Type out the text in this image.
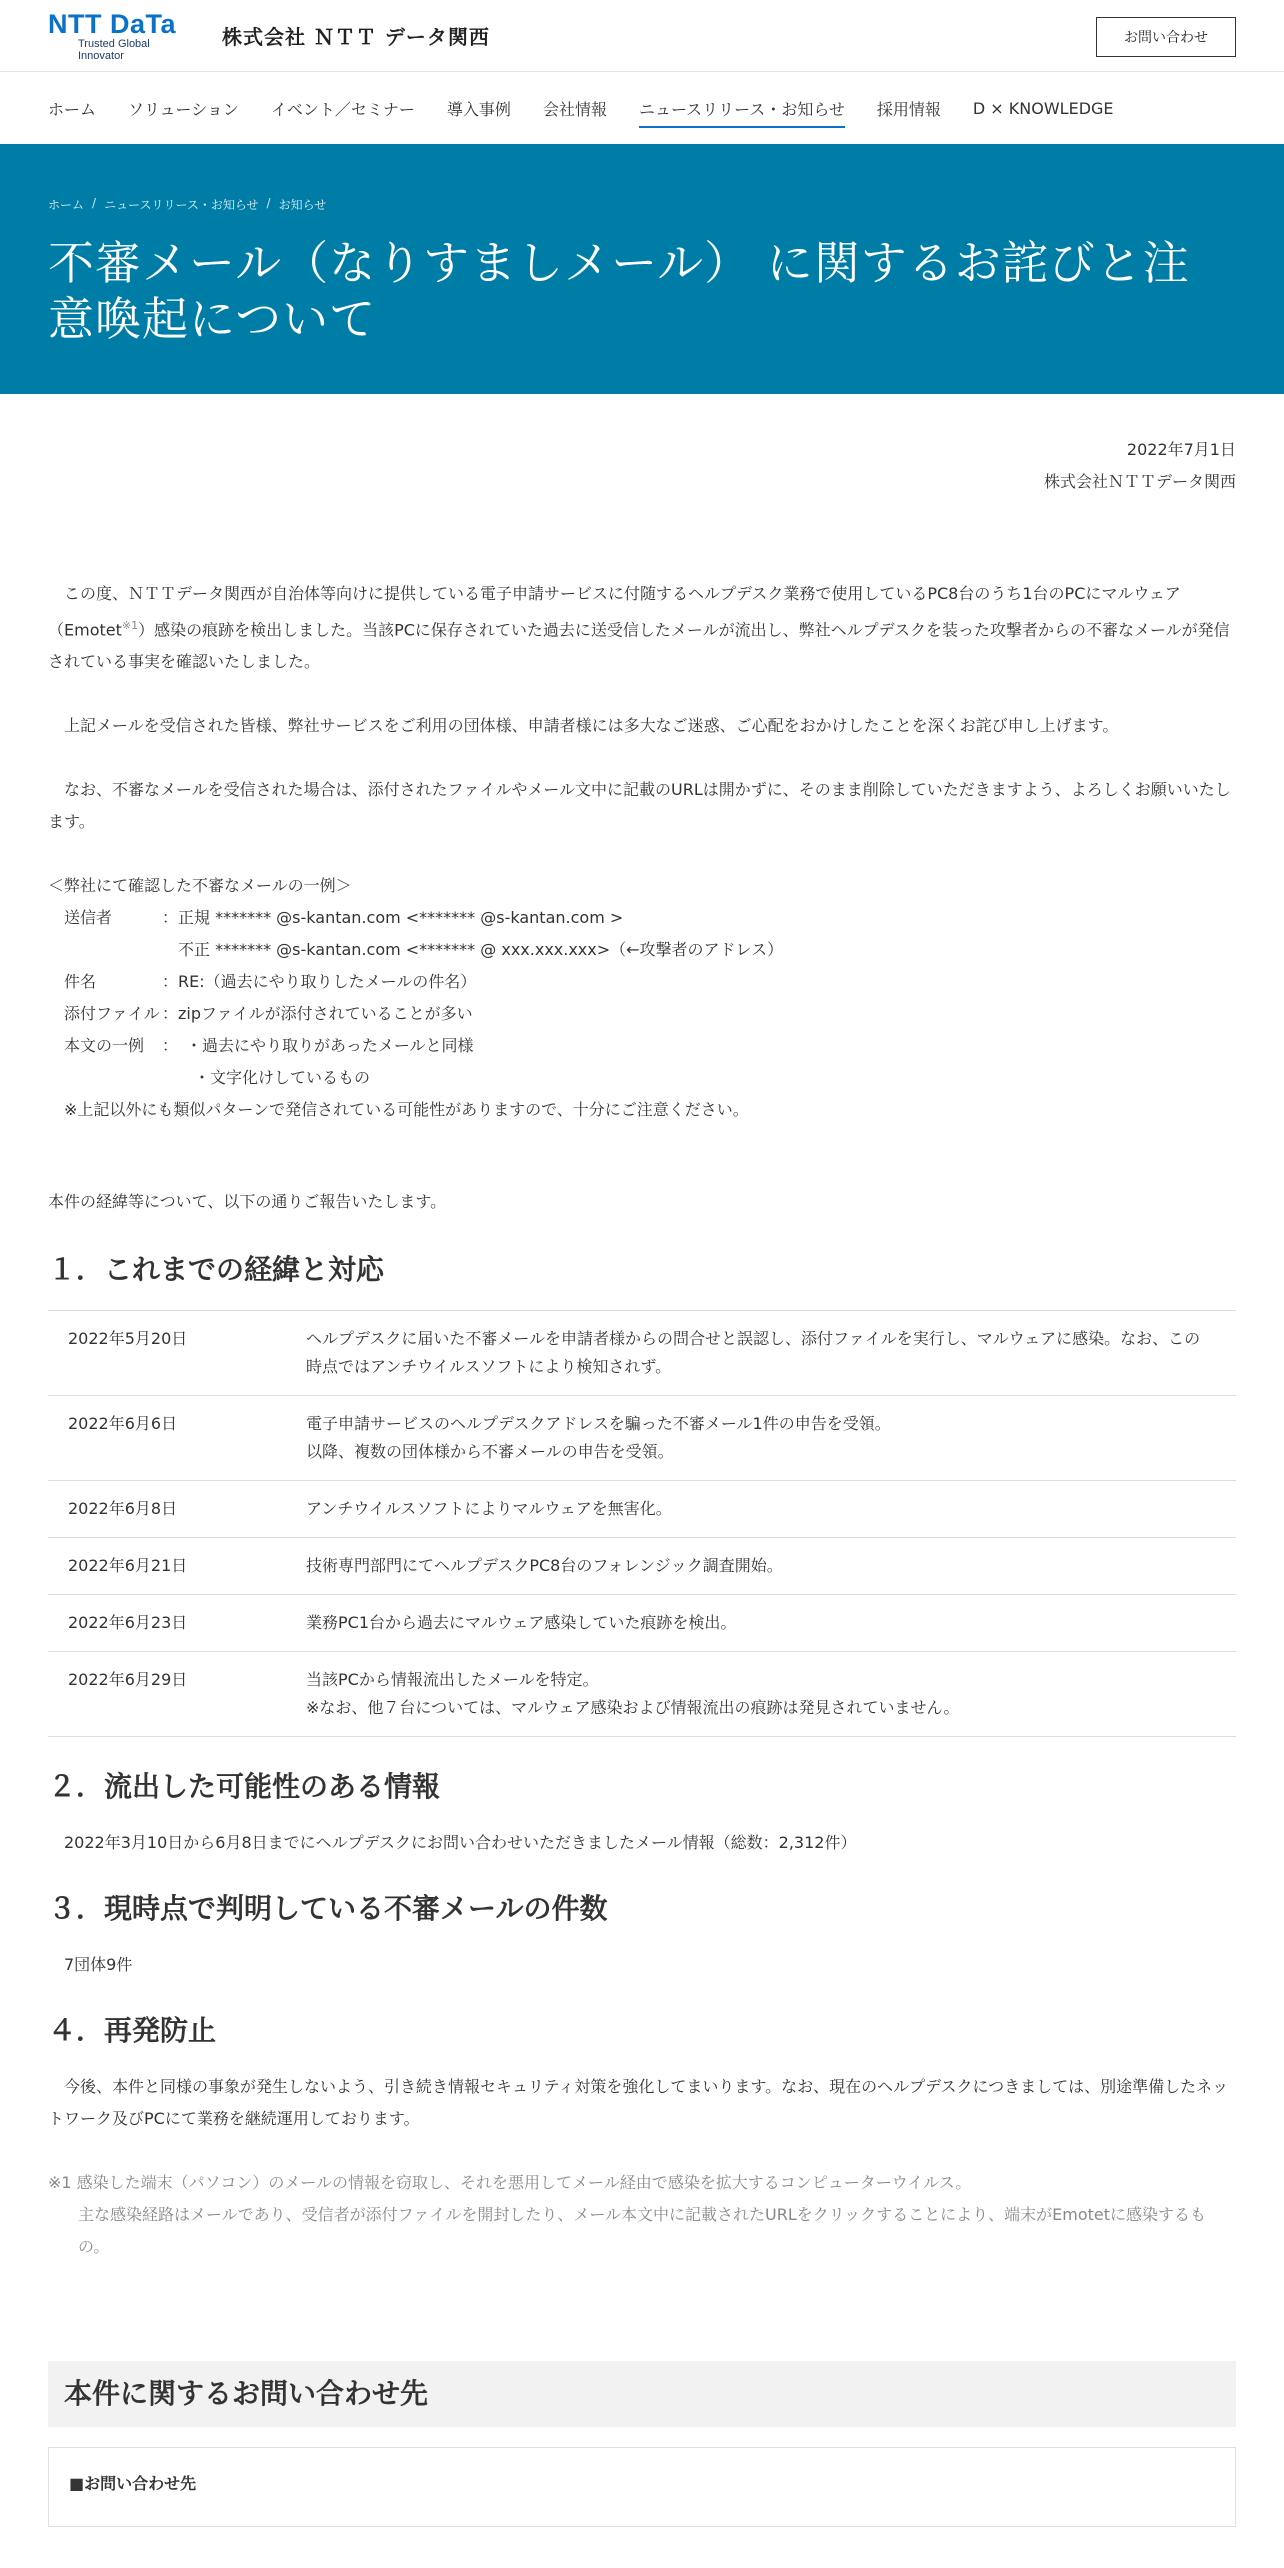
NTT DaTa
Trusted Global Innovator
株式会社 ＮＴＴ データ関西	お問い合わせ
ホーム ソリューション イベント／セミナー 導入事例 会社情報 ニュースリリース・お知らせ 採用情報 D × KNOWLEDGE
ホーム / ニュースリリース・お知らせ / お知らせ
不審メール（なりすましメール） に関するお詫びと注意喚起について
2022年7月1日
株式会社ＮＴＴデータ関西

　この度、ＮＴＴデータ関西が自治体等向けに提供している電子申請サービスに付随するヘルプデスク業務で使用しているPC8台のうち1台のPCにマルウェア（Emotet$^{※1}$）感染の痕跡を検出しました。当該PCに保存されていた過去に送受信したメールが流出し、弊社ヘルプデスクを装った攻撃者からの不審なメールが発信されている事実を確認いたしました。

　上記メールを受信された皆様、弊社サービスをご利用の団体様、申請者様には多大なご迷惑、ご心配をおかけしたことを深くお詫び申し上げます。

　なお、不審なメールを受信された場合は、添付されたファイルやメール文中に記載のURLは開かずに、そのまま削除していただきますよう、よろしくお願いいたします。

＜弊社にて確認した不審なメールの一例＞
送信者	：正規 ******* @s-kantan.com <******* @s-kantan.com >
不正 ******* @s-kantan.com <******* @ xxx.xxx.xxx>（←攻撃者のアドレス）
件名	：RE:（過去にやり取りしたメールの件名）
添付ファイル ：zipファイルが添付されていることが多い
本文の一例	：　・過去にやり取りがあったメールと同様
・文字化けしているもの
※上記以外にも類似パターンで発信されている可能性がありますので、十分にご注意ください。

本件の経緯等について、以下の通りご報告いたします。

１．これまでの経緯と対応
2022年5月20日	ヘルプデスクに届いた不審メールを申請者様からの問合せと誤認し、添付ファイルを実行し、マルウェアに感染。なお、この時点ではアンチウイルスソフトにより検知されず。
2022年6月6日	電子申請サービスのヘルプデスクアドレスを騙った不審メール1件の申告を受領。
以降、複数の団体様から不審メールの申告を受領。
2022年6月8日	アンチウイルスソフトによりマルウェアを無害化。
2022年6月21日	技術専門部門にてヘルプデスクPC8台のフォレンジック調査開始。
2022年6月23日	業務PC1台から過去にマルウェア感染していた痕跡を検出。
2022年6月29日	当該PCから情報流出したメールを特定。
※なお、他７台については、マルウェア感染および情報流出の痕跡は発見されていません。
２．流出した可能性のある情報

2022年3月10日から6月8日までにヘルプデスクにお問い合わせいただきましたメール情報（総数：2,312件）

３．現時点で判明している不審メールの件数

7団体9件

４．再発防止

　今後、本件と同様の事象が発生しないよう、引き続き情報セキュリティ対策を強化してまいります。なお、現在のヘルプデスクにつきましては、別途準備したネットワーク及びPCにて業務を継続運用しております。

※1 感染した端末（パソコン）のメールの情報を窃取し、それを悪用してメール経由で感染を拡大するコンピューターウイルス。
主な感染経路はメールであり、受信者が添付ファイルを開封したり、メール本文中に記載されたURLをクリックすることにより、端末がEmotetに感染するもの。
本件に関するお問い合わせ先
■お問い合わせ先
